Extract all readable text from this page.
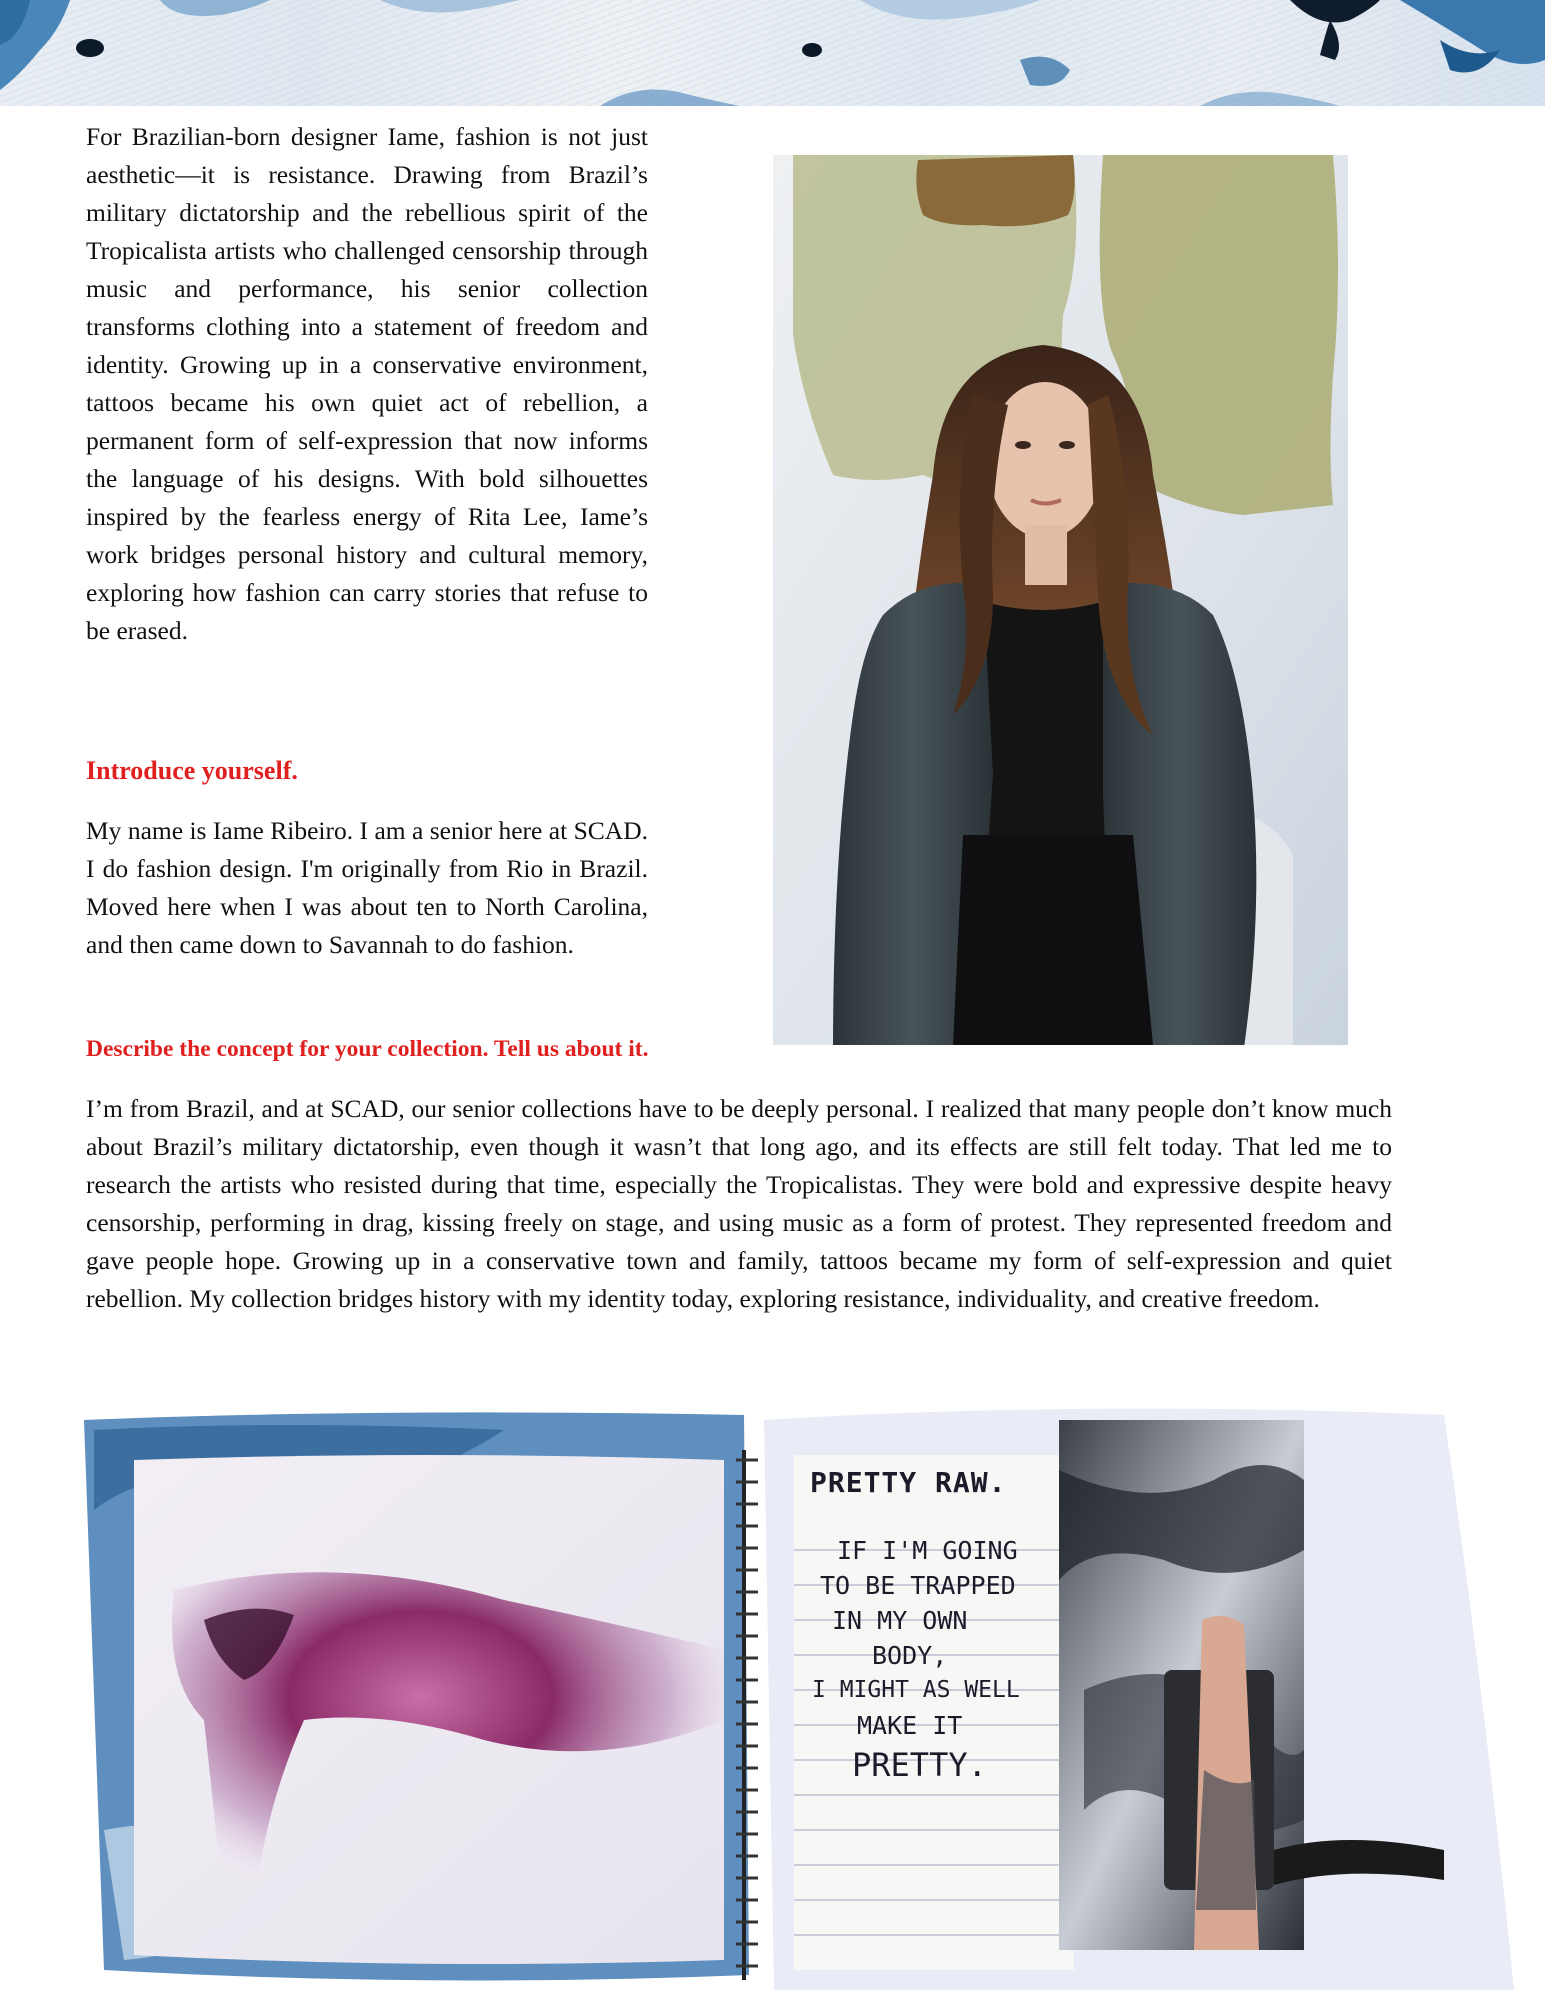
For Brazilian-born designer Iame, fashion is not just aesthetic—it is resistance. Drawing from Brazil’s military dictatorship and the rebellious spirit of the Tropicalista artists who challenged censorship through music and performance, his senior collection transforms clothing into a statement of freedom and identity. Growing up in a conservative environment, tattoos became his own quiet act of rebellion, a permanent form of self-expression that now informs the language of his designs. With bold silhouettes inspired by the fearless energy of Rita Lee, Iame’s work bridges personal history and cultural memory, exploring how fashion can carry stories that refuse to be erased.

Introduce yourself.

My name is Iame Ribeiro. I am a senior here at SCAD. I do fashion design. I'm originally from Rio in Brazil. Moved here when I was about ten to North Carolina, and then came down to Savannah to do fashion.

Describe the concept for your collection. Tell us about it.

I’m from Brazil, and at SCAD, our senior collections have to be deeply personal. I realized that many people don’t know much about Brazil’s military dictatorship, even though it wasn’t that long ago, and its effects are still felt today. That led me to research the artists who resisted during that time, especially the Tropicalistas. They were bold and expressive despite heavy censorship, performing in drag, kissing freely on stage, and using music as a form of protest. They represented freedom and gave people hope. Growing up in a conservative town and family, tattoos became my form of self-expression and quiet rebellion. My collection bridges history with my identity today, exploring resistance, individuality, and creative freedom.

PRETTY RAW.
IF I'M GOING
TO BE TRAPPED
IN MY OWN
BODY,
I MIGHT AS WELL
MAKE IT
PRETTY.
